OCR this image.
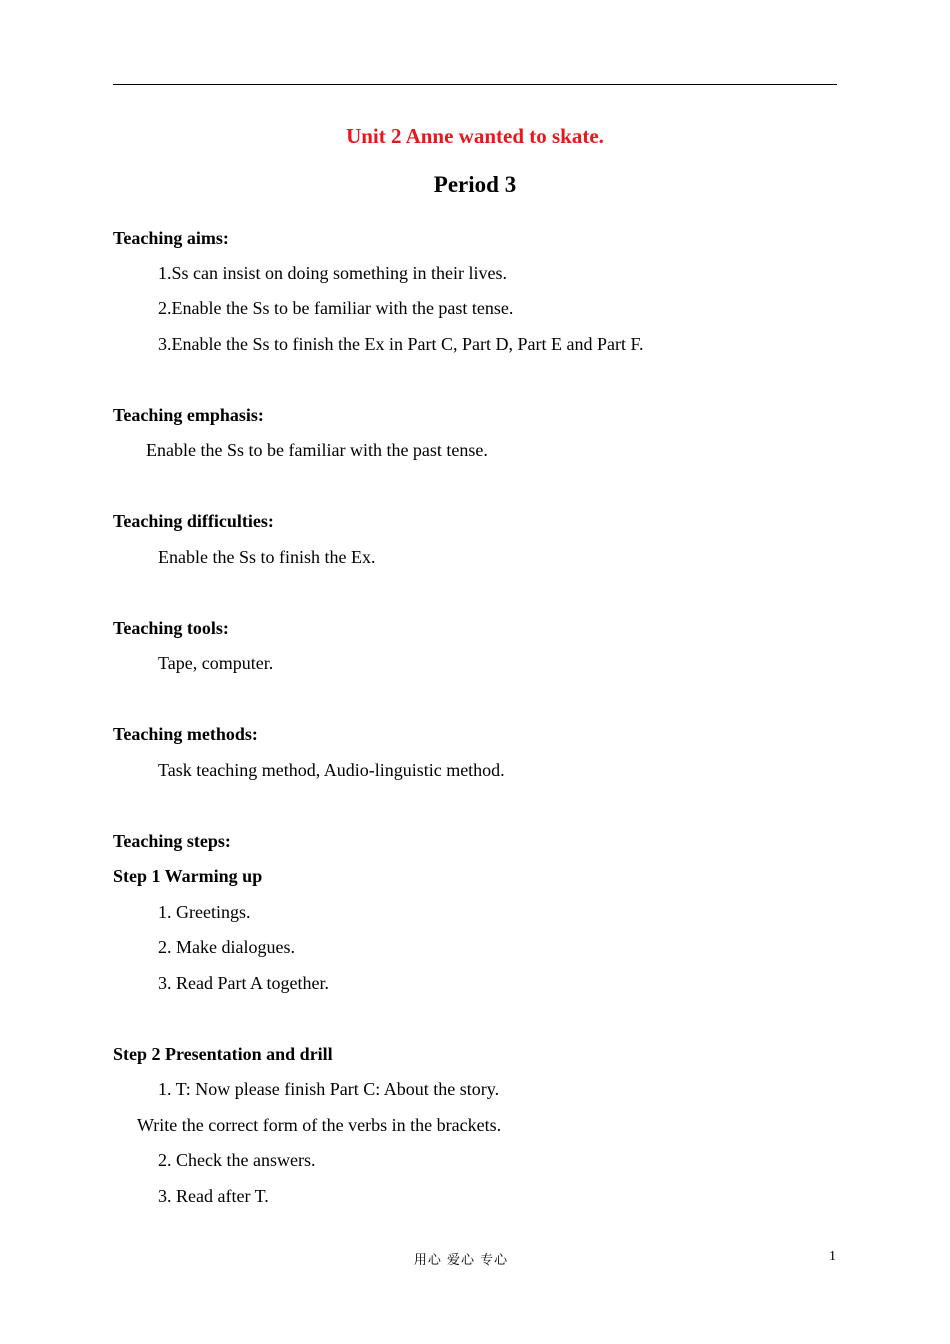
Unit 2 Anne wanted to skate.
Period 3
Teaching aims:
1.Ss can insist on doing something in their lives.
2.Enable the Ss to be familiar with the past tense.
3.Enable the Ss to finish the Ex in Part C, Part D, Part E and Part F.
Teaching emphasis:
Enable the Ss to be familiar with the past tense.
Teaching difficulties:
Enable the Ss to finish the Ex.
Teaching tools:
Tape, computer.
Teaching methods:
Task teaching method, Audio-linguistic method.
Teaching steps:
Step 1 Warming up
1. Greetings.
2. Make dialogues.
3. Read Part A together.
Step 2 Presentation and drill
1. T: Now please finish Part C: About the story.
Write the correct form of the verbs in the brackets.
2. Check the answers.
3. Read after T.
用心 爱心 专心	1
